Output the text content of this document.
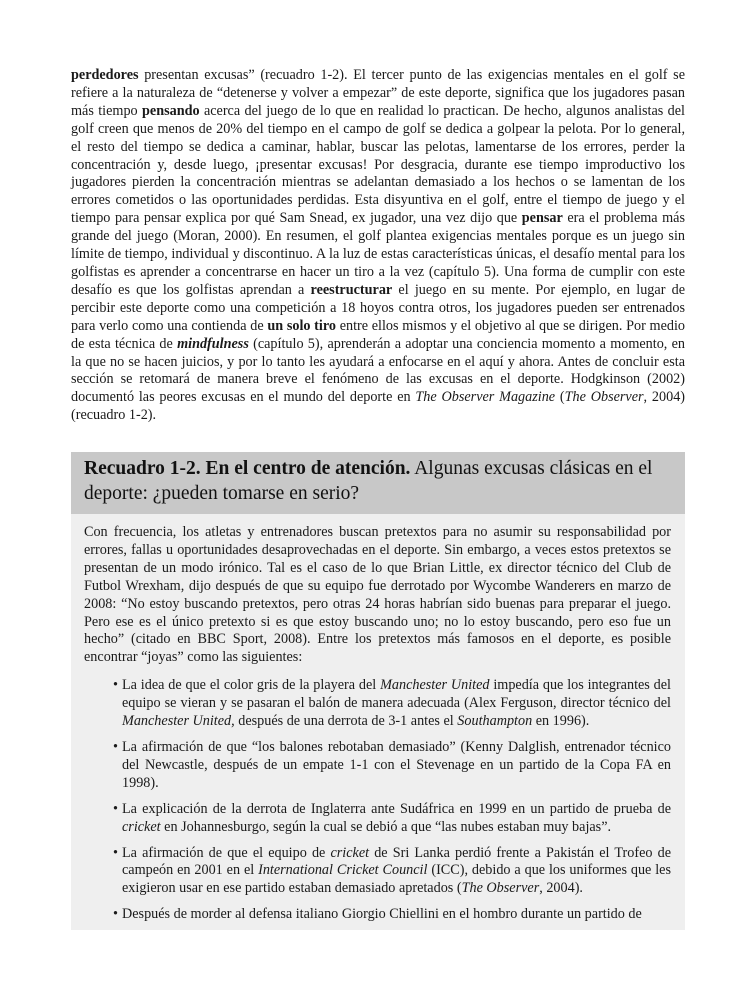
perdedores presentan excusas” (recuadro 1-2). El tercer punto de las exigencias mentales en el golf se refiere a la naturaleza de “detenerse y volver a empezar” de este deporte, significa que los jugadores pasan más tiempo pensando acerca del juego de lo que en realidad lo practican. De hecho, algunos analistas del golf creen que menos de 20% del tiempo en el campo de golf se dedica a golpear la pelota. Por lo general, el resto del tiempo se dedica a caminar, hablar, buscar las pelotas, lamentarse de los errores, perder la concentración y, desde luego, ¡presentar excusas! Por desgracia, durante ese tiempo improductivo los jugadores pierden la concentración mientras se adelantan demasiado a los hechos o se lamentan de los errores cometidos o las oportunidades perdidas. Esta disyuntiva en el golf, entre el tiempo de juego y el tiempo para pensar explica por qué Sam Snead, ex jugador, una vez dijo que pensar era el problema más grande del juego (Moran, 2000). En resumen, el golf plantea exigencias mentales porque es un juego sin límite de tiempo, individual y discontinuo. A la luz de estas características únicas, el desafío mental para los golfistas es aprender a concentrarse en hacer un tiro a la vez (capítulo 5). Una forma de cumplir con este desafío es que los golfistas aprendan a reestructurar el juego en su mente. Por ejemplo, en lugar de percibir este deporte como una competición a 18 hoyos contra otros, los jugadores pueden ser entrenados para verlo como una contienda de un solo tiro entre ellos mismos y el objetivo al que se dirigen. Por medio de esta técnica de mindfulness (capítulo 5), aprenderán a adoptar una conciencia momento a momento, en la que no se hacen juicios, y por lo tanto les ayudará a enfocarse en el aquí y ahora. Antes de concluir esta sección se retomará de manera breve el fenómeno de las excusas en el deporte. Hodgkinson (2002) documentó las peores excusas en el mundo del deporte en The Observer Magazine (The Observer, 2004) (recuadro 1-2).

Recuadro 1-2. En el centro de atención. Algunas excusas clásicas en el deporte: ¿pueden tomarse en serio?

Con frecuencia, los atletas y entrenadores buscan pretextos para no asumir su responsabilidad por errores, fallas u oportunidades desaprovechadas en el deporte. Sin embargo, a veces estos pretextos se presentan de un modo irónico. Tal es el caso de lo que Brian Little, ex director técnico del Club de Futbol Wrexham, dijo después de que su equipo fue derrotado por Wycombe Wanderers en marzo de 2008: “No estoy buscando pretextos, pero otras 24 horas habrían sido buenas para preparar el juego. Pero ese es el único pretexto si es que estoy buscando uno; no lo estoy buscando, pero eso fue un hecho” (citado en BBC Sport, 2008). Entre los pretextos más famosos en el deporte, es posible encontrar “joyas” como las siguientes:

• La idea de que el color gris de la playera del Manchester United impedía que los integrantes del equipo se vieran y se pasaran el balón de manera adecuada (Alex Ferguson, director técnico del Manchester United, después de una derrota de 3-1 antes el Southampton en 1996).
• La afirmación de que “los balones rebotaban demasiado” (Kenny Dalglish, entrenador técnico del Newcastle, después de un empate 1-1 con el Stevenage en un partido de la Copa FA en 1998).
• La explicación de la derrota de Inglaterra ante Sudáfrica en 1999 en un partido de prueba de cricket en Johannesburgo, según la cual se debió a que “las nubes estaban muy bajas”.
• La afirmación de que el equipo de cricket de Sri Lanka perdió frente a Pakistán el Trofeo de campeón en 2001 en el International Cricket Council (ICC), debido a que los uniformes que les exigieron usar en ese partido estaban demasiado apretados (The Observer, 2004).
• Después de morder al defensa italiano Giorgio Chiellini en el hombro durante un partido de
